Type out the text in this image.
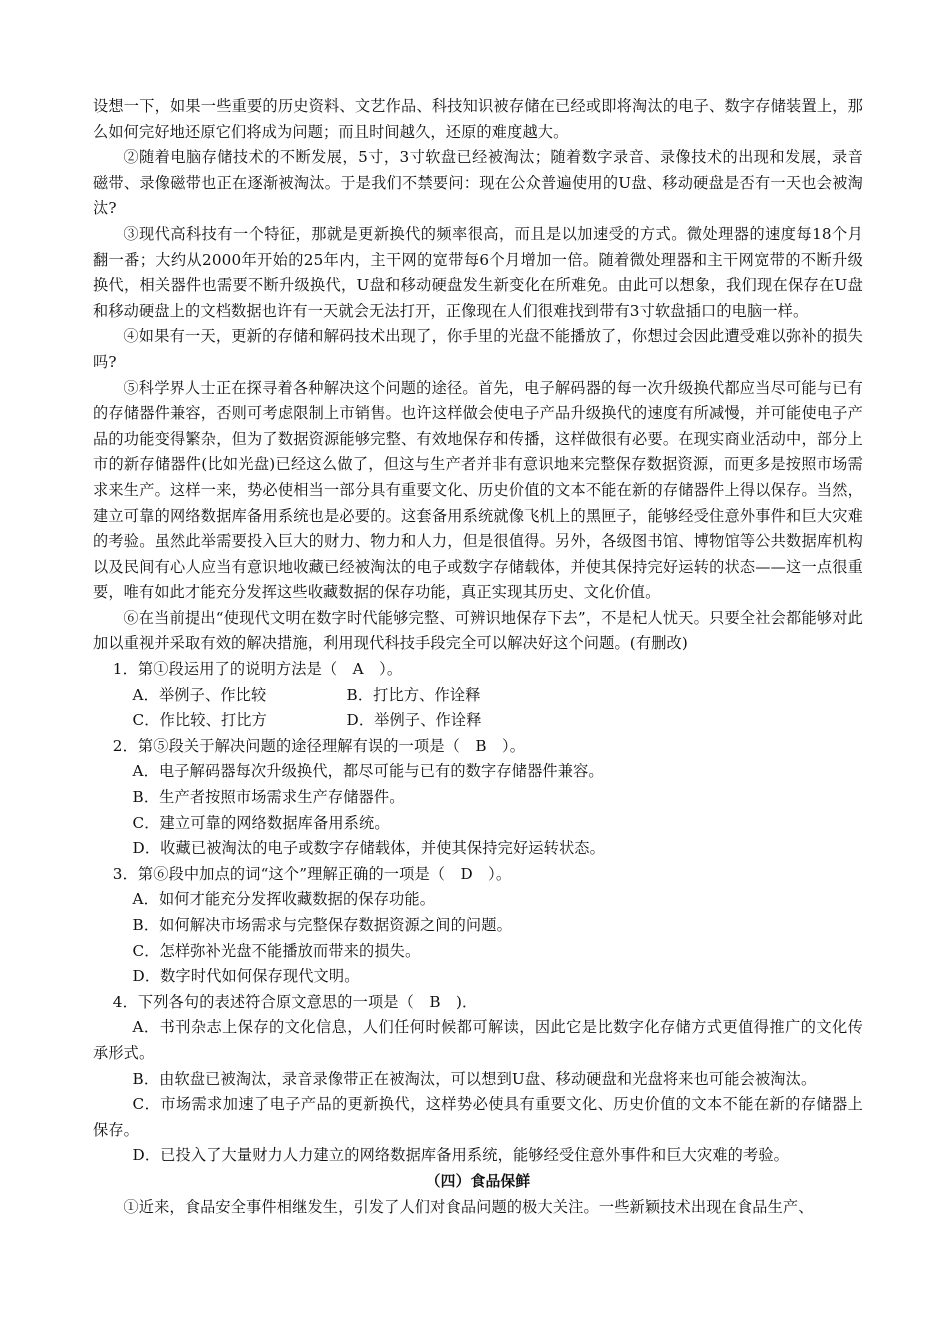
设想一下，如果一些重要的历史资料、文艺作品、科技知识被存储在已经或即将淘汰的电子、数字存储装置上，那么如何完好地还原它们将成为问题；而且时间越久，还原的难度越大。

②随着电脑存储技术的不断发展，5寸，3寸软盘已经被淘汰；随着数字录音、录像技术的出现和发展，录音磁带、录像磁带也正在逐渐被淘汰。于是我们不禁要问：现在公众普遍使用的U盘、移动硬盘是否有一天也会被淘汰?

③现代高科技有一个特征，那就是更新换代的频率很高，而且是以加速受的方式。微处理器的速度每18个月翻一番；大约从2000年开始的25年内，主干网的宽带每6个月增加一倍。随着微处理器和主干网宽带的不断升级换代，相关器件也需要不断升级换代，U盘和移动硬盘发生新变化在所难免。由此可以想象，我们现在保存在U盘和移动硬盘上的文档数据也许有一天就会无法打开，正像现在人们很难找到带有3寸软盘插口的电脑一样。

④如果有一天，更新的存储和解码技术出现了，你手里的光盘不能播放了，你想过会因此遭受难以弥补的损失吗?

⑤科学界人士正在探寻着各种解决这个问题的途径。首先，电子解码器的每一次升级换代都应当尽可能与已有的存储器件兼容，否则可考虑限制上市销售。也许这样做会使电子产品升级换代的速度有所减慢，并可能使电子产品的功能变得繁杂，但为了数据资源能够完整、有效地保存和传播，这样做很有必要。在现实商业活动中，部分上市的新存储器件(比如光盘)已经这么做了，但这与生产者并非有意识地来完整保存数据资源，而更多是按照市场需求来生产。这样一来，势必使相当一部分具有重要文化、历史价值的文本不能在新的存储器件上得以保存。当然，建立可靠的网络数据库备用系统也是必要的。这套备用系统就像飞机上的黑匣子，能够经受住意外事件和巨大灾难的考验。虽然此举需要投入巨大的财力、物力和人力，但是很值得。另外，各级图书馆、博物馆等公共数据库机构以及民间有心人应当有意识地收藏已经被淘汰的电子或数字存储载体，并使其保持完好运转的状态——这一点很重要，唯有如此才能充分发挥这些收藏数据的保存功能，真正实现其历史、文化价值。

⑥在当前提出“使现代文明在数字时代能够完整、可辨识地保存下去”，不是杞人忧天。只要全社会都能够对此加以重视并采取有效的解决措施，利用现代科技手段完全可以解决好这个问题。(有删改)

1．第①段运用了的说明方法是（　A　）。

A．举例子、作比较	B．打比方、作诠释
C．作比较、打比方	D．举例子、作诠释

2．第⑤段关于解决问题的途径理解有误的一项是（　B　）。

A．电子解码器每次升级换代，都尽可能与已有的数字存储器件兼容。

B．生产者按照市场需求生产存储器件。

C．建立可靠的网络数据库备用系统。

D．收藏已被淘汰的电子或数字存储载体，并使其保持完好运转状态。

3．第⑥段中加点的词“这个”理解正确的一项是（　D　）。

A．如何才能充分发挥收藏数据的保存功能。

B．如何解决市场需求与完整保存数据资源之间的问题。

C．怎样弥补光盘不能播放而带来的损失。

D．数字时代如何保存现代文明。

4．下列各句的表述符合原文意思的一项是（　B　)．

A．书刊杂志上保存的文化信息，人们任何时候都可解读，因此它是比数字化存储方式更值得推广的文化传承形式。

B．由软盘已被淘汰，录音录像带正在被淘汰，可以想到U盘、移动硬盘和光盘将来也可能会被淘汰。

C．市场需求加速了电子产品的更新换代，这样势必使具有重要文化、历史价值的文本不能在新的存储器上保存。

D．已投入了大量财力人力建立的网络数据库备用系统，能够经受住意外事件和巨大灾难的考验。

（四）食品保鲜

①近来，食品安全事件相继发生，引发了人们对食品问题的极大关注。一些新颖技术出现在食品生产、
